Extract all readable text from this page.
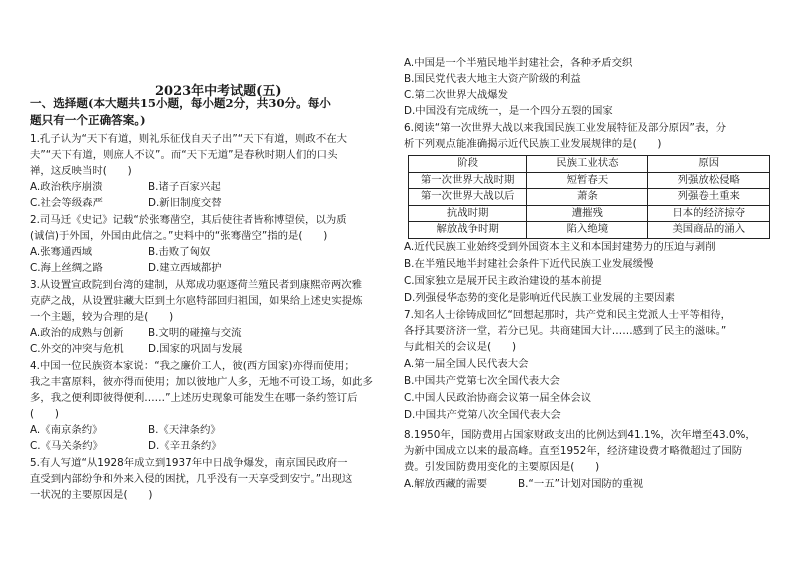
2023年中考试题(五)
一、选择题(本大题共15小题，每小题2分，共30分。每小
题只有一个正确答案。)
1.孔子认为“天下有道，则礼乐征伐自天子出”“天下有道，则政不在大
夫”“天下有道，则庶人不议”。而“天下无道”是春秋时期人们的口头
禅，这反映当时(　　)
A.政治秩序崩溃	B.诸子百家兴起
C.社会等级森严	D.新旧制度交替
2.司马迁《史记》记载“於张骞凿空，其后使往者皆称博望侯，以为质
(诚信)于外国，外国由此信之。”史料中的“张骞凿空”指的是(　　)
A.张骞通西域	B.击败了匈奴
C.海上丝绸之路	D.建立西域都护
3.从设置宣政院到台湾的建制，从郑成功驱逐荷兰殖民者到康熙帝两次雅
克萨之战，从设置驻藏大臣到土尔扈特部回归祖国，如果给上述史实提炼
一个主题，较为合理的是(　　)
A.政治的成熟与创新 B.文明的碰撞与交流
C.外交的冲突与危机 D.国家的巩固与发展
4.中国一位民族资本家说：“我之廉价工人，彼(西方国家)亦得而使用；
我之丰富原料，彼亦得而使用；加以彼地广人多，无地不可设工场，如此多
多，我之便利即彼得便利……”上述历史现象可能发生在哪一条约签订后
(　　)
A.《南京条约》	B.《天津条约》
C.《马关条约》	D.《辛丑条约》
5.有人写道“从1928年成立到1937年中日战争爆发，南京国民政府一
直受到内部纷争和外来入侵的困扰，几乎没有一天享受到安宁。”出现这
一状况的主要原因是(　　)
A.中国是一个半殖民地半封建社会，各种矛盾交织
B.国民党代表大地主大资产阶级的利益
C.第二次世界大战爆发
D.中国没有完成统一，是一个四分五裂的国家
6.阅读“第一次世界大战以来我国民族工业发展特征及部分原因”表，分
析下列观点能准确揭示近代民族工业发展规律的是(　　)
阶段	民族工业状态	原因
第一次世界大战时期	短暂春天	列强放松侵略
第一次世界大战以后	萧条	列强卷土重来
抗战时期	遭摧残	日本的经济掠夺
解放战争时期	陷入绝境	美国商品的涌入
A.近代民族工业始终受到外国资本主义和本国封建势力的压迫与剥削
B.在半殖民地半封建社会条件下近代民族工业发展缓慢
C.国家独立是展开民主政治建设的基本前提
D.列强侵华态势的变化是影响近代民族工业发展的主要因素
7.知名人士徐铸成回忆“回想起那时，共产党和民主党派人士平等相待，
各抒其要济济一堂，若分已见。共商建国大计……感到了民主的滋味。”
与此相关的会议是(　　)
A.第一届全国人民代表大会
B.中国共产党第七次全国代表大会
C.中国人民政治协商会议第一届全体会议
D.中国共产党第八次全国代表大会
8.1950年，国防费用占国家财政支出的比例达到41.1%，次年增至43.0%，
为新中国成立以来的最高峰。直至1952年，经济建设费才略微超过了国防
费。引发国防费用变化的主要原因是(　　)
A.解放西藏的需要	B.“一五”计划对国防的重视
